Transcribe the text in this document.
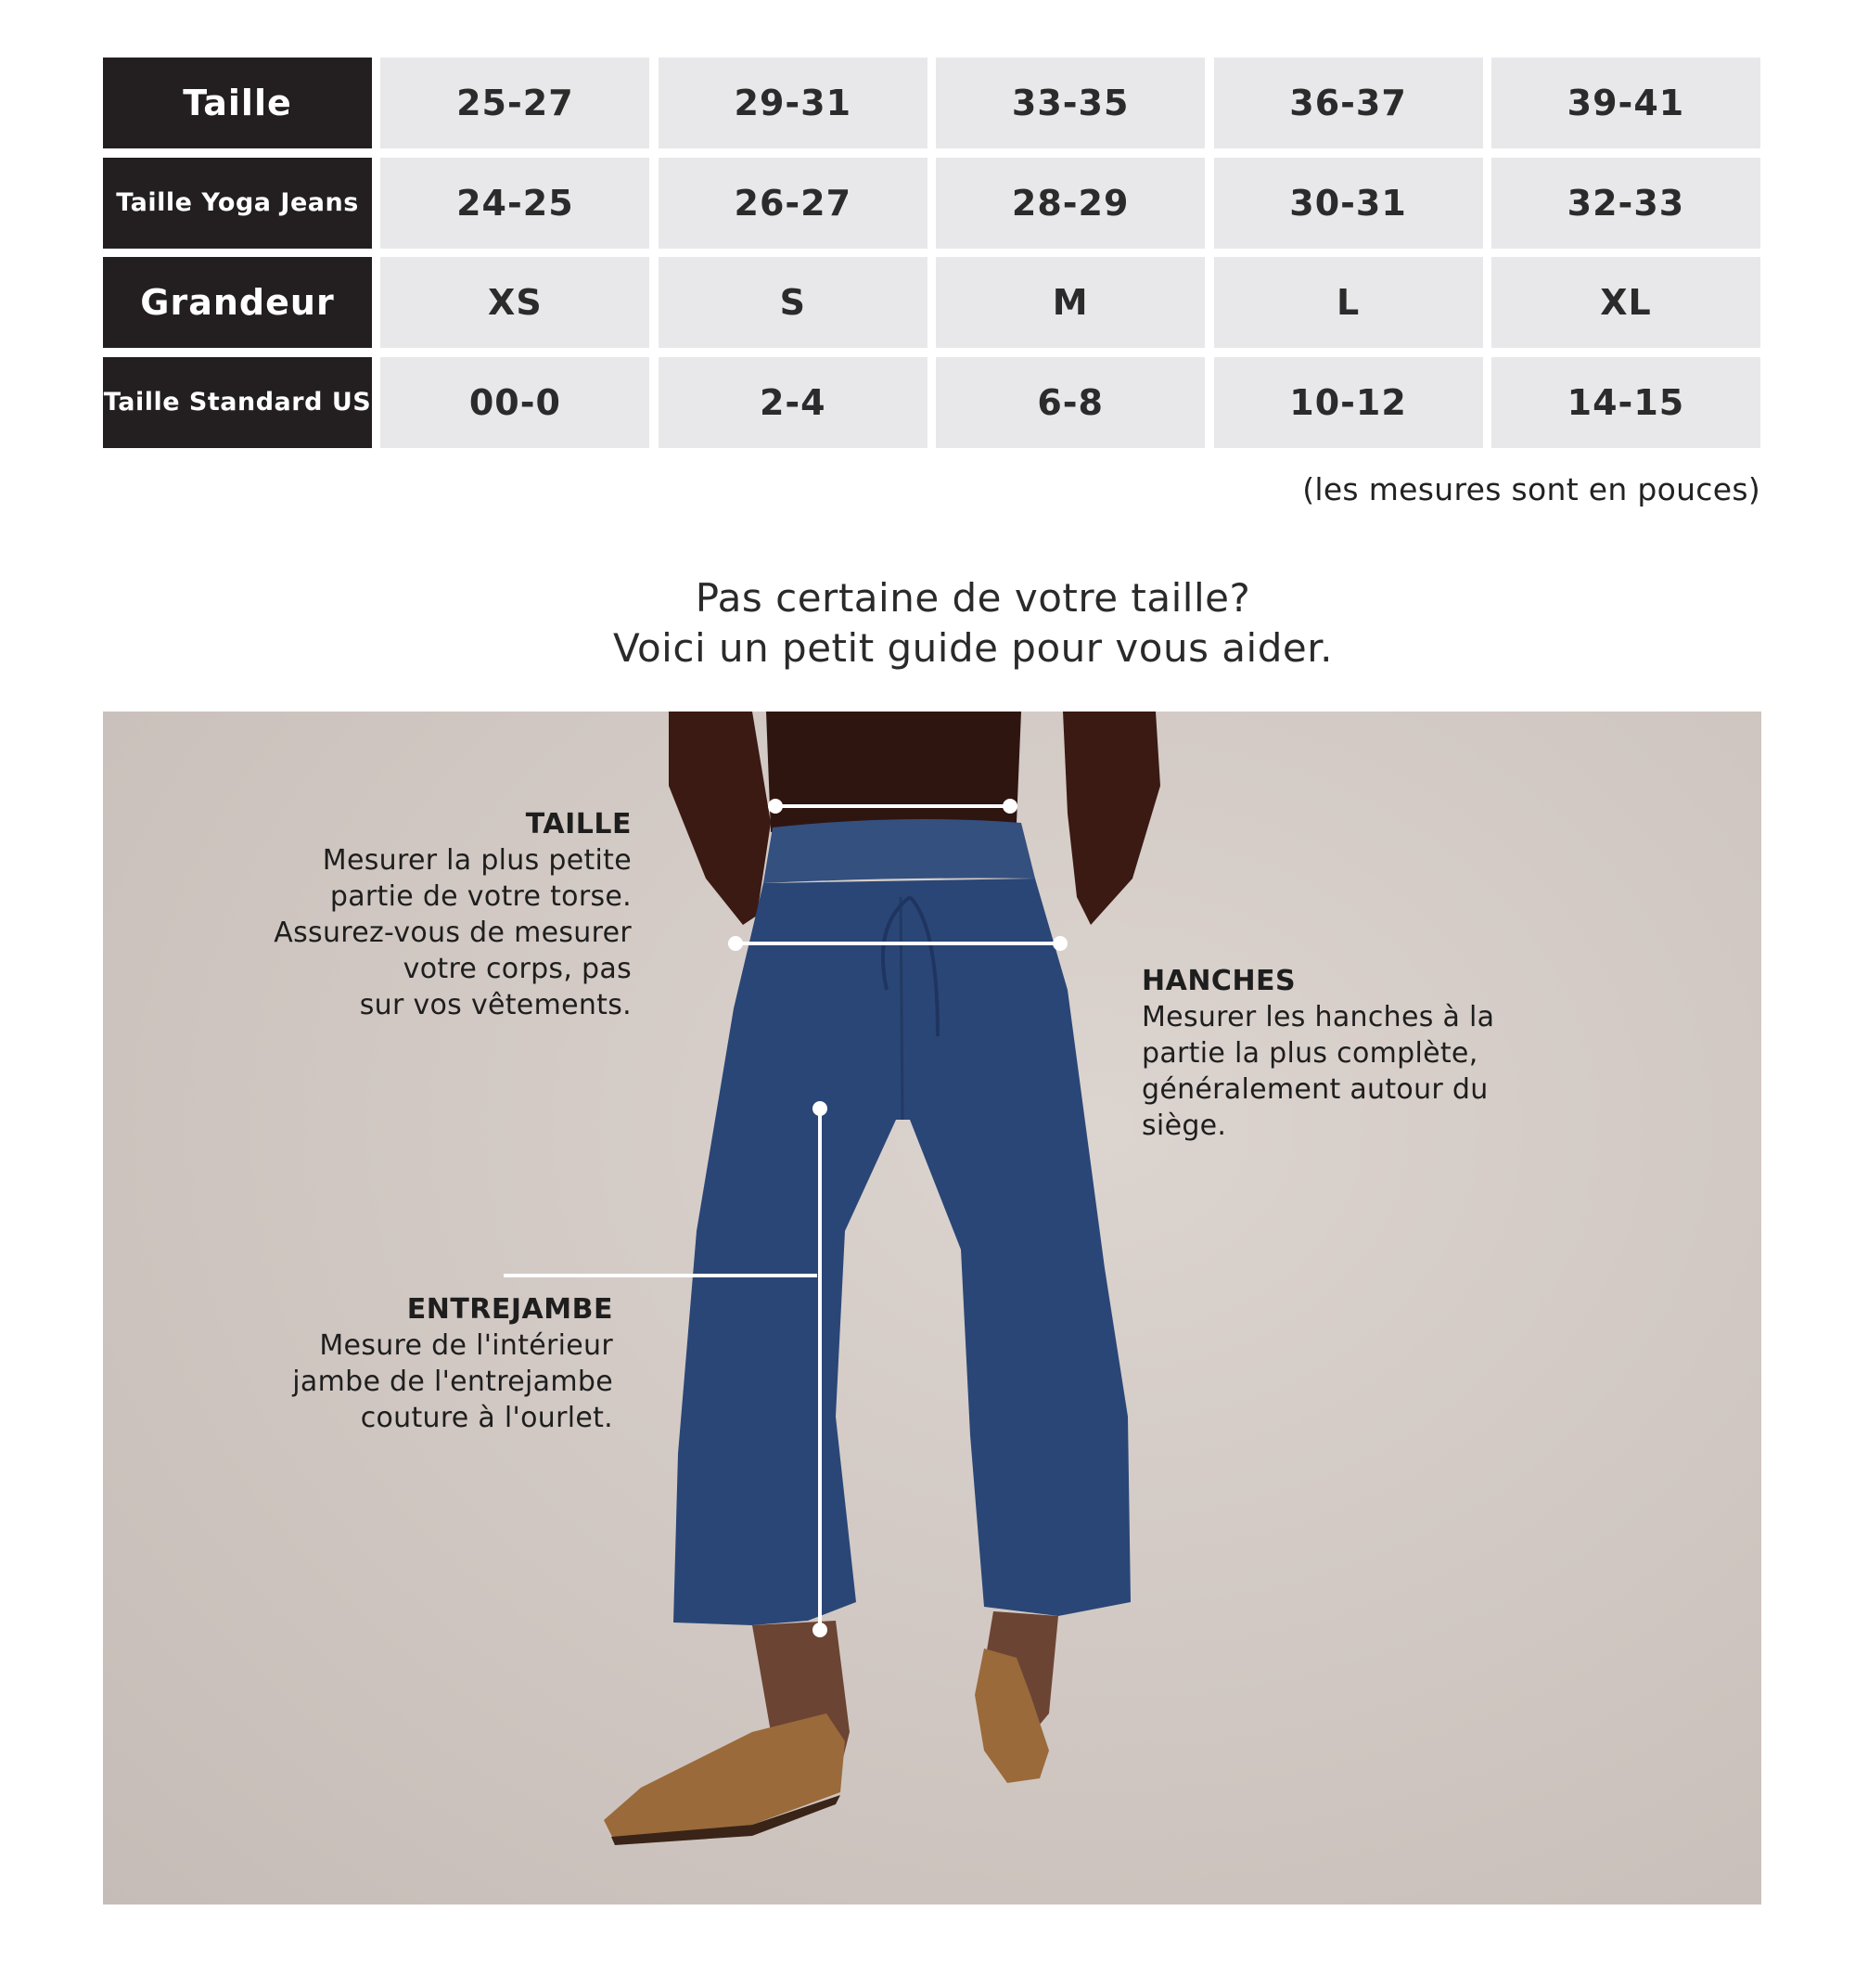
Taille	25-27	29-31	33-35	36-37	39-41
Taille Yoga Jeans	24-25	26-27	28-29	30-31	32-33
Grandeur	XS	S	M	L	XL
Taille Standard US	00-0	2-4	6-8	10-12	14-15
(les mesures sont en pouces)
Pas certaine de votre taille?
Voici un petit guide pour vous aider.
TAILLE
Mesurer la plus petite
partie de votre torse.
Assurez-vous de mesurer
votre corps, pas
sur vos vêtements.
HANCHES
Mesurer les hanches à la
partie la plus complète,
généralement autour du
siège.
ENTREJAMBE
Mesure de l'intérieur
jambe de l'entrejambe
couture à l'ourlet.
